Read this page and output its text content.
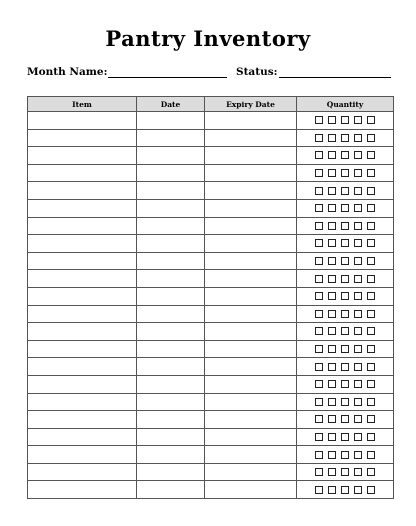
Pantry Inventory
Month Name:	Status:
Item	Date	Expiry Date	Quantity
